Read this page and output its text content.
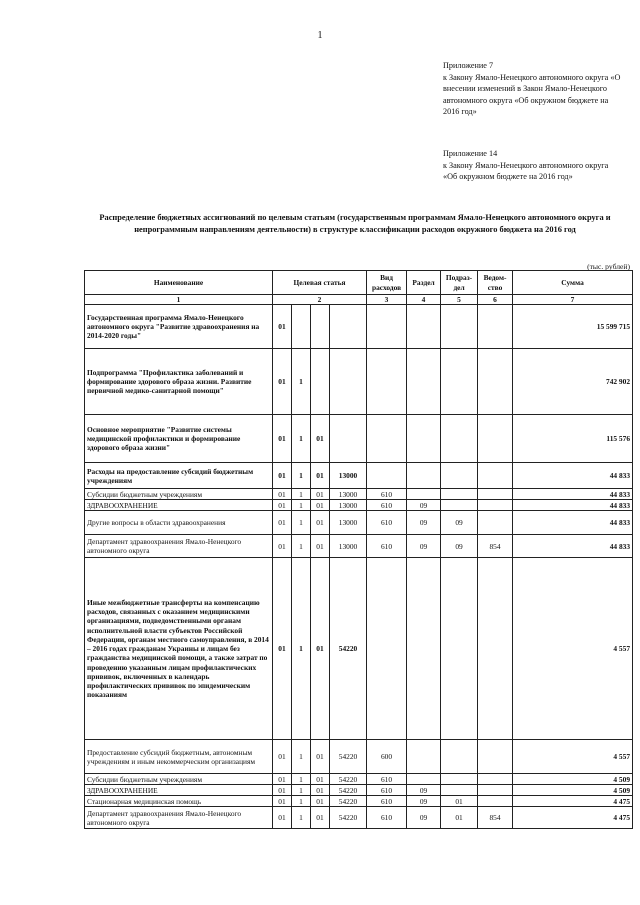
1
Приложение 7
к Закону Ямало-Ненецкого автономного округа «О внесении изменений в Закон Ямало-Ненецкого автономного округа «Об окружном бюджете на 2016 год»
Приложение 14
к Закону Ямало-Ненецкого автономного округа «Об окружном бюджете на 2016 год»
Распределение бюджетных ассигнований по целевым статьям (государственным программам Ямало-Ненецкого автономного округа и непрограммным направлениям деятельности) в структуре классификации расходов окружного бюджета на 2016 год
(тыс. рублей)
Наименование	Целевая статья				Вид расходов	Раздел	Подраз-дел	Ведом-ство	Сумма
1	2				3	4	5	6	7
Государственная программа Ямало-Ненецкого автономного округа "Развитие здравоохранения на 2014-2020 годы"	01								15 599 715
Подпрограмма "Профилактика заболеваний и формирование здорового образа жизни. Развитие первичной медико-санитарной помощи"	01	1							742 902
Основное мероприятие "Развитие системы медицинской профилактики и формирование здорового образа жизни"	01	1	01						115 576
Расходы на предоставление субсидий бюджетным учреждениям	01	1	01	13000					44 833
Субсидии бюджетным учреждениям	01	1	01	13000	610				44 833
ЗДРАВООХРАНЕНИЕ	01	1	01	13000	610	09			44 833
Другие вопросы в области здравоохранения	01	1	01	13000	610	09	09		44 833
Департамент здравоохранения Ямало-Ненецкого автономного округа	01	1	01	13000	610	09	09	854	44 833
Иные межбюджетные трансферты на компенсацию расходов, связанных с оказанием медицинскими организациями, подведомственными органам исполнительной власти субъектов Российской Федерации, органам местного самоуправления, в 2014 – 2016 годах гражданам Украины и лицам без гражданства медицинской помощи, а также затрат по проведению указанным лицам профилактических прививок, включенных в календарь профилактических прививок по эпидемическим показаниям	01	1	01	54220					4 557
Предоставление субсидий бюджетным, автономным учреждениям и иным некоммерческим организациям	01	1	01	54220	600				4 557
Субсидии бюджетным учреждениям	01	1	01	54220	610				4 509
ЗДРАВООХРАНЕНИЕ	01	1	01	54220	610	09			4 509
Стационарная медицинская помощь	01	1	01	54220	610	09	01		4 475
Департамент здравоохранения Ямало-Ненецкого автономного округа	01	1	01	54220	610	09	01	854	4 475
